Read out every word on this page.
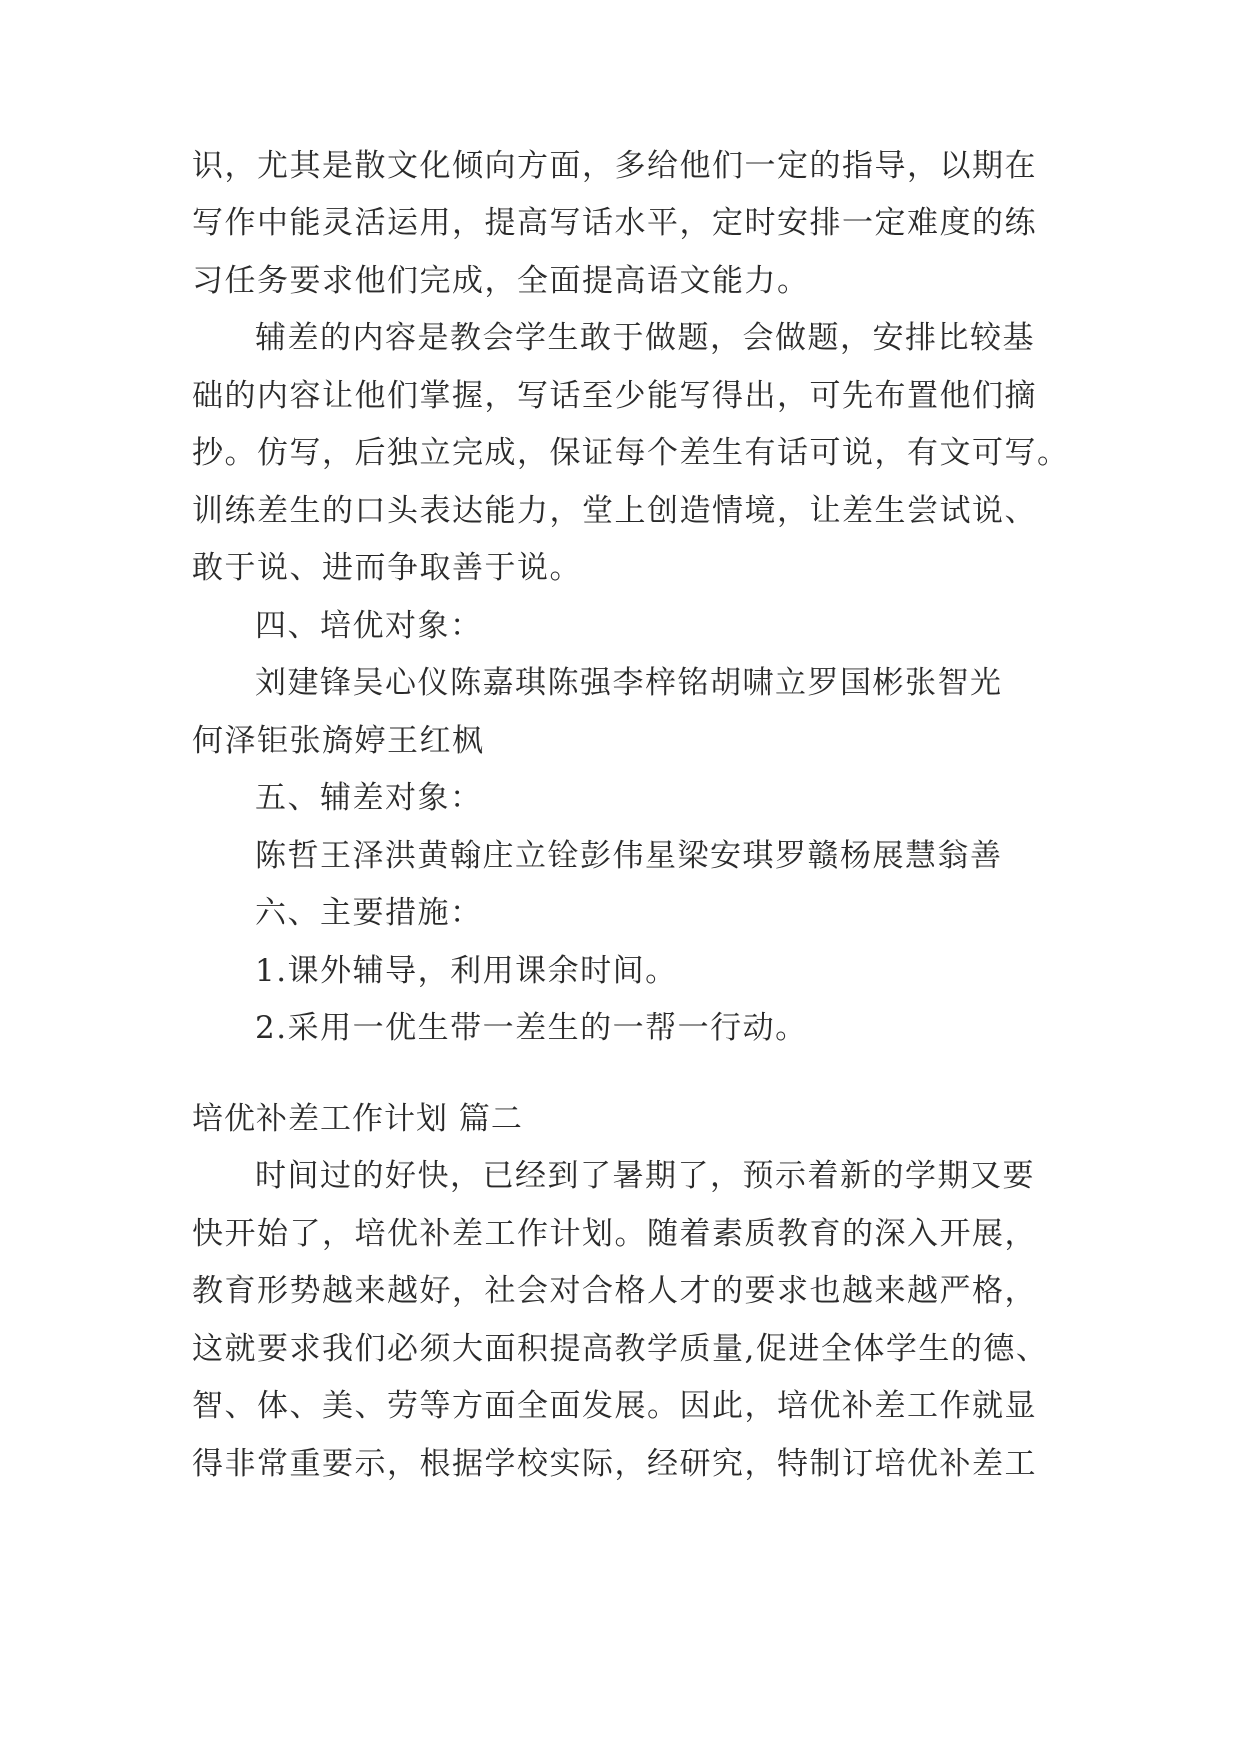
识，尤其是散文化倾向方面，多给他们一定的指导，以期在
写作中能灵活运用，提高写话水平，定时安排一定难度的练
习任务要求他们完成，全面提高语文能力。
辅差的内容是教会学生敢于做题，会做题，安排比较基
础的内容让他们掌握，写话至少能写得出，可先布置他们摘
抄。仿写，后独立完成，保证每个差生有话可说，有文可写。
训练差生的口头表达能力，堂上创造情境，让差生尝试说、
敢于说、进而争取善于说。
四、培优对象：
刘建锋吴心仪陈嘉琪陈强李梓铭胡啸立罗国彬张智光
何泽钜张旖婷王红枫
五、辅差对象：
陈哲王泽洪黄翰庄立铨彭伟星梁安琪罗赣杨展慧翁善
六、主要措施：
1.课外辅导，利用课余时间。
2.采用一优生带一差生的一帮一行动。
培优补差工作计划 篇二
时间过的好快，已经到了暑期了，预示着新的学期又要
快开始了，培优补差工作计划。随着素质教育的深入开展，
教育形势越来越好，社会对合格人才的要求也越来越严格，
这就要求我们必须大面积提高教学质量,促进全体学生的德、
智、体、美、劳等方面全面发展。因此，培优补差工作就显
得非常重要示，根据学校实际，经研究，特制订培优补差工
